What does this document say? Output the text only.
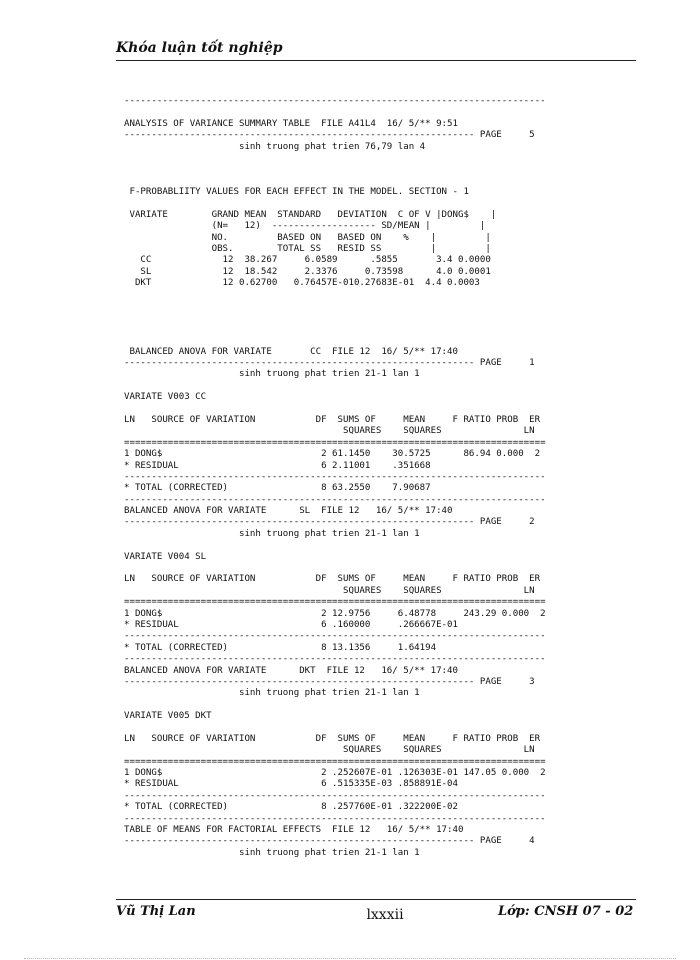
Khóa luận tốt nghiệp
-----------------------------------------------------------------------------
ANALYSIS OF VARIANCE SUMMARY TABLE  FILE A41L4  16/ 5/** 9:51
---------------------------------------------------------------- PAGE     5
sinh truong phat trien 76,79 lan 4
F-PROBABLIITY VALUES FOR EACH EFFECT IN THE MODEL. SECTION - 1
VARIATE        GRAND MEAN  STANDARD   DEVIATION  C OF V |DONG$    |
(N=   12)  ------------------- SD/MEAN |         |
NO.         BASED ON   BASED ON    %    |         |
OBS.        TOTAL SS   RESID SS         |         |
CC             12  38.267     6.0589      .5855       3.4 0.0000
SL             12  18.542     2.3376     0.73598      4.0 0.0001
DKT             12 0.62700   0.76457E-010.27683E-01  4.4 0.0003
BALANCED ANOVA FOR VARIATE       CC  FILE 12  16/ 5/** 17:40
---------------------------------------------------------------- PAGE     1
sinh truong phat trien 21-1 lan 1
VARIATE V003 CC
LN   SOURCE OF VARIATION           DF  SUMS OF     MEAN     F RATIO PROB  ER
SQUARES    SQUARES               LN
=============================================================================
1 DONG$                             2 61.1450    30.5725      86.94 0.000  2
* RESIDUAL                          6 2.11001    .351668
-----------------------------------------------------------------------------
* TOTAL (CORRECTED)                 8 63.2550    7.90687
-----------------------------------------------------------------------------
BALANCED ANOVA FOR VARIATE      SL  FILE 12   16/ 5/** 17:40
---------------------------------------------------------------- PAGE     2
sinh truong phat trien 21-1 lan 1
VARIATE V004 SL
LN   SOURCE OF VARIATION           DF  SUMS OF     MEAN     F RATIO PROB  ER
SQUARES    SQUARES               LN
=============================================================================
1 DONG$                             2 12.9756     6.48778     243.29 0.000  2
* RESIDUAL                          6 .160000     .266667E-01
-----------------------------------------------------------------------------
* TOTAL (CORRECTED)                 8 13.1356     1.64194
-----------------------------------------------------------------------------
BALANCED ANOVA FOR VARIATE      DKT  FILE 12   16/ 5/** 17:40
---------------------------------------------------------------- PAGE     3
sinh truong phat trien 21-1 lan 1
VARIATE V005 DKT
LN   SOURCE OF VARIATION           DF  SUMS OF     MEAN     F RATIO PROB  ER
SQUARES    SQUARES               LN
=============================================================================
1 DONG$                             2 .252607E-01 .126303E-01 147.05 0.000  2
* RESIDUAL                          6 .515335E-03 .858891E-04
-----------------------------------------------------------------------------
* TOTAL (CORRECTED)                 8 .257760E-01 .322200E-02
-----------------------------------------------------------------------------
TABLE OF MEANS FOR FACTORIAL EFFECTS  FILE 12   16/ 5/** 17:40
---------------------------------------------------------------- PAGE     4
sinh truong phat trien 21-1 lan 1
Vũ Thị Lan	lxxxii	Lớp: CNSH 07 - 02
